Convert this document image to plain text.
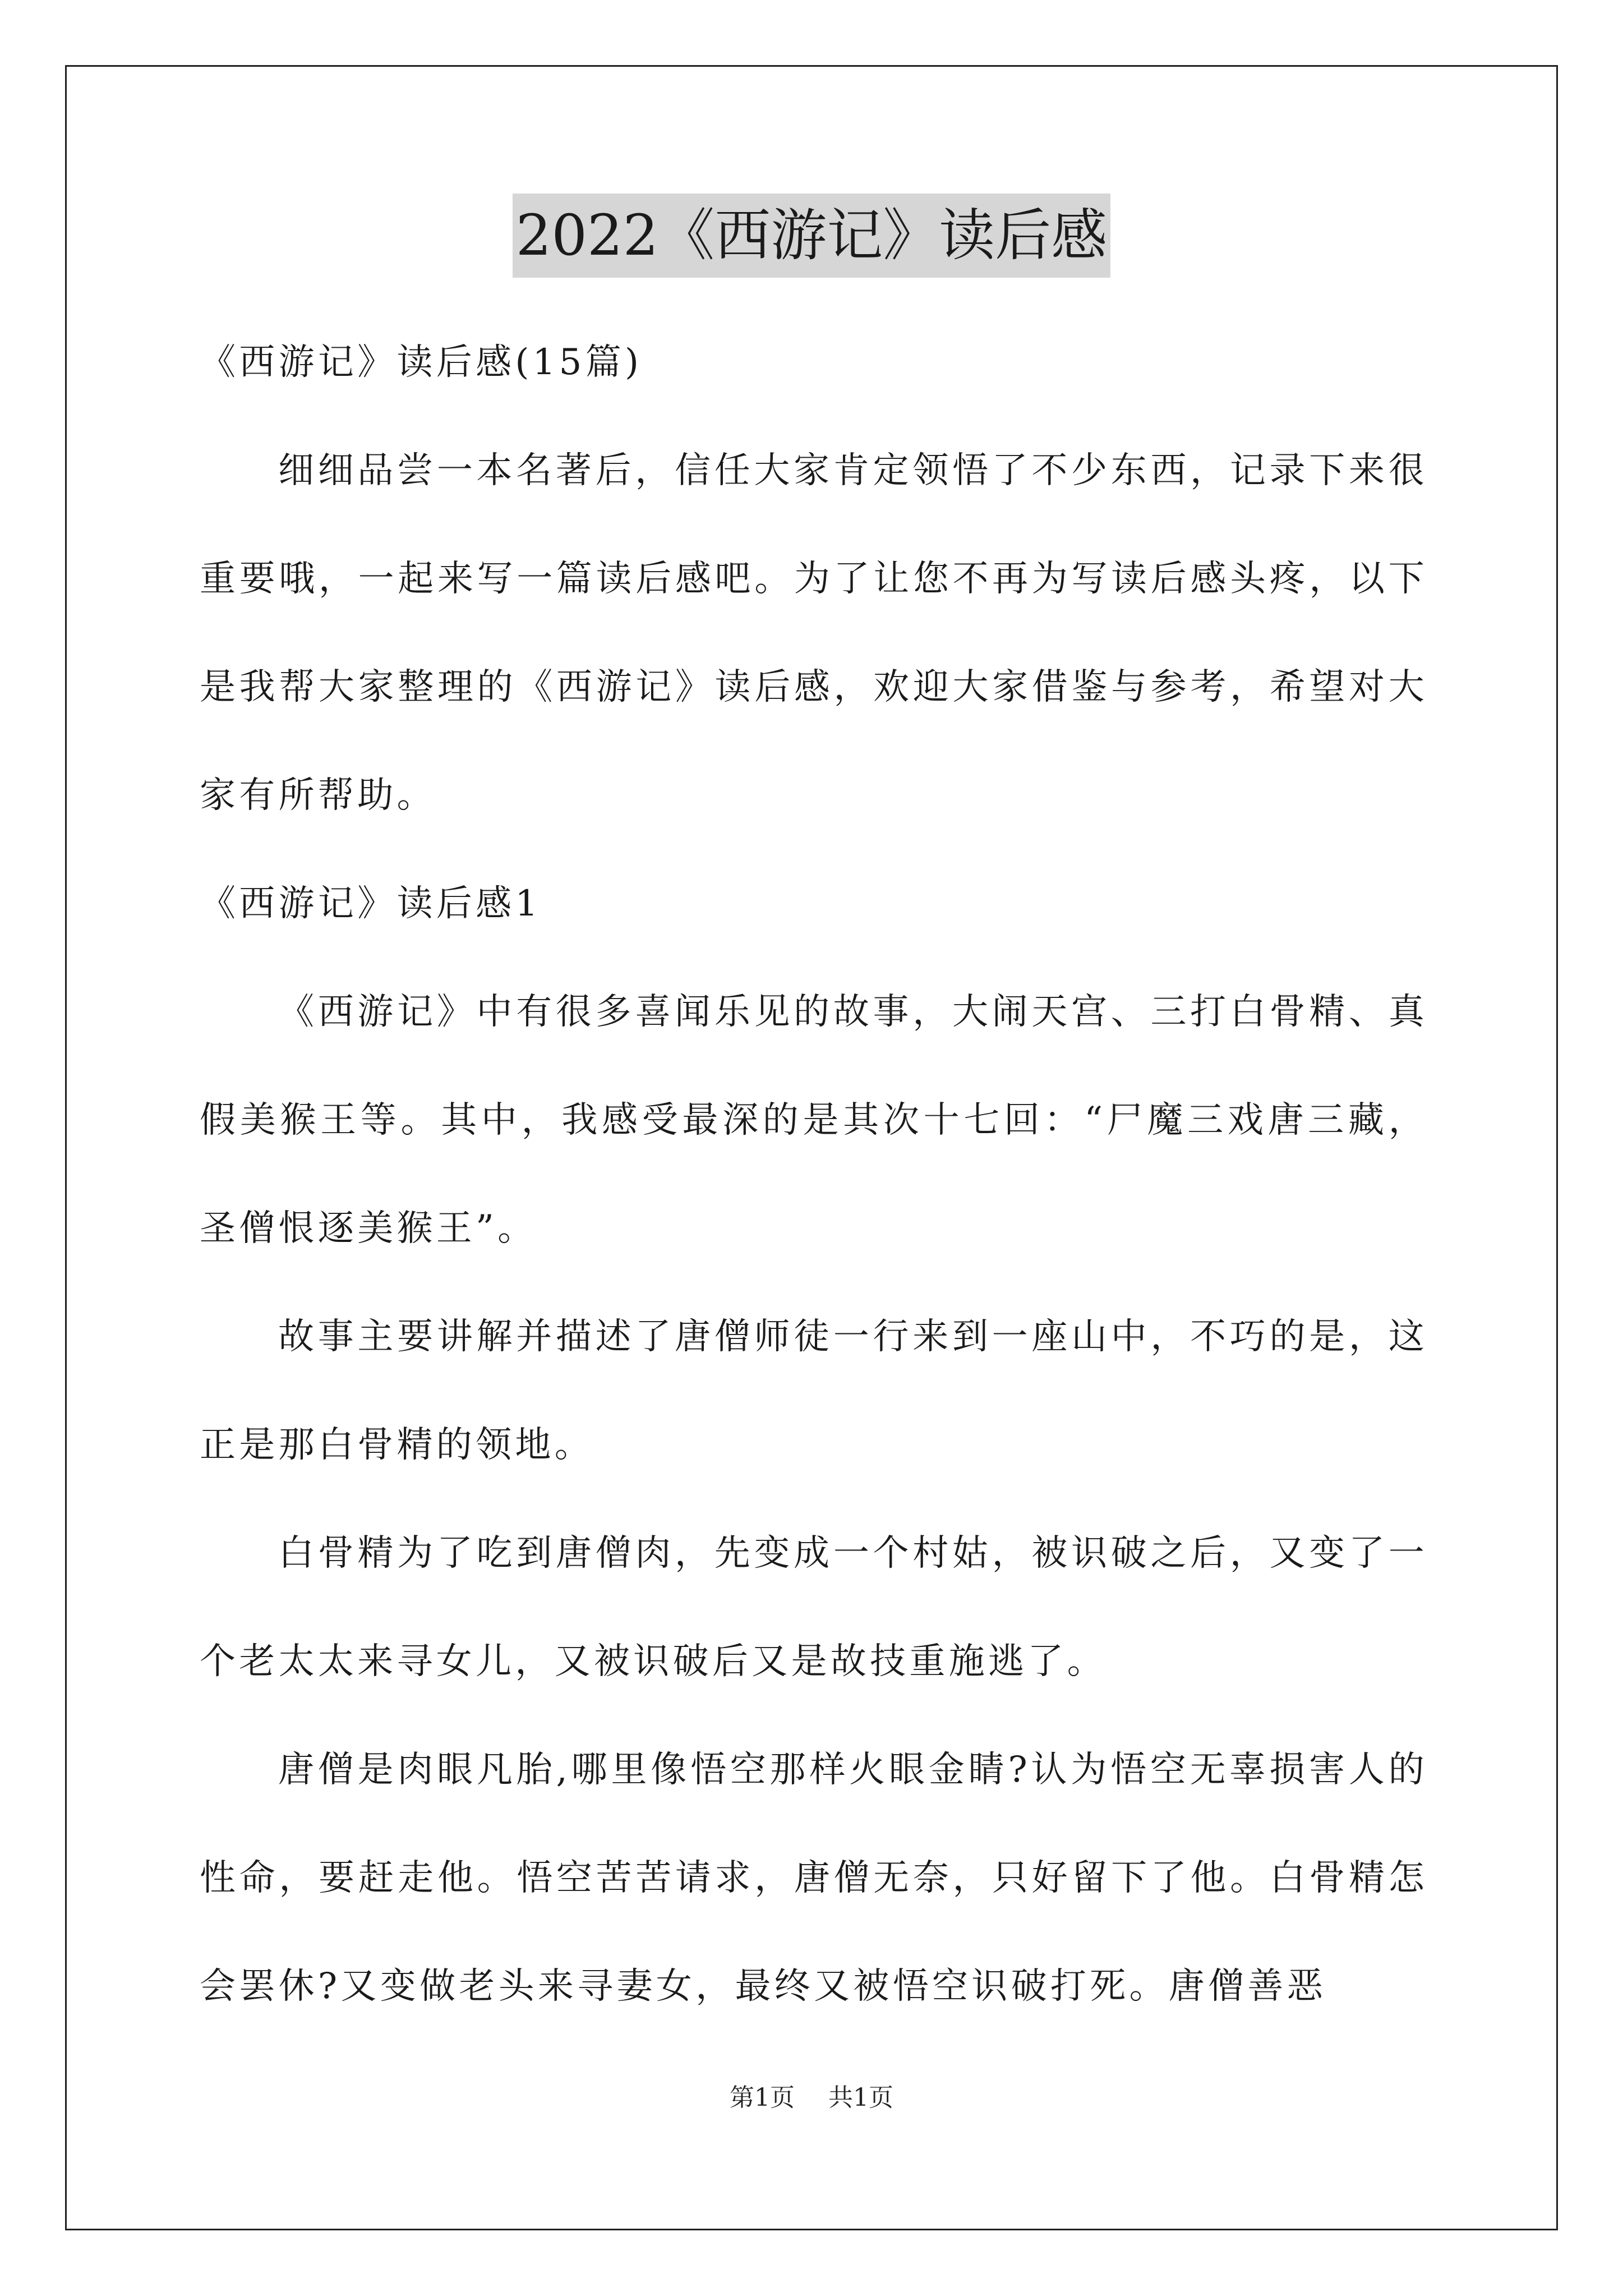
2022《西游记》读后感

《西游记》读后感(15篇)

细细品尝一本名著后，信任大家肯定领悟了不少东西，记录下来很重要哦，一起来写一篇读后感吧。为了让您不再为写读后感头疼，以下是我帮大家整理的《西游记》读后感，欢迎大家借鉴与参考，希望对大家有所帮助。

《西游记》读后感1

《西游记》中有很多喜闻乐见的故事，大闹天宫、三打白骨精、真假美猴王等。其中，我感受最深的是其次十七回：“尸魔三戏唐三藏，圣僧恨逐美猴王”。

故事主要讲解并描述了唐僧师徒一行来到一座山中，不巧的是，这正是那白骨精的领地。

白骨精为了吃到唐僧肉，先变成一个村姑，被识破之后，又变了一个老太太来寻女儿，又被识破后又是故技重施逃了。

唐僧是肉眼凡胎,哪里像悟空那样火眼金睛?认为悟空无辜损害人的性命，要赶走他。悟空苦苦请求，唐僧无奈，只好留下了他。白骨精怎会罢休?又变做老头来寻妻女，最终又被悟空识破打死。唐僧善恶

第1页 共1页
